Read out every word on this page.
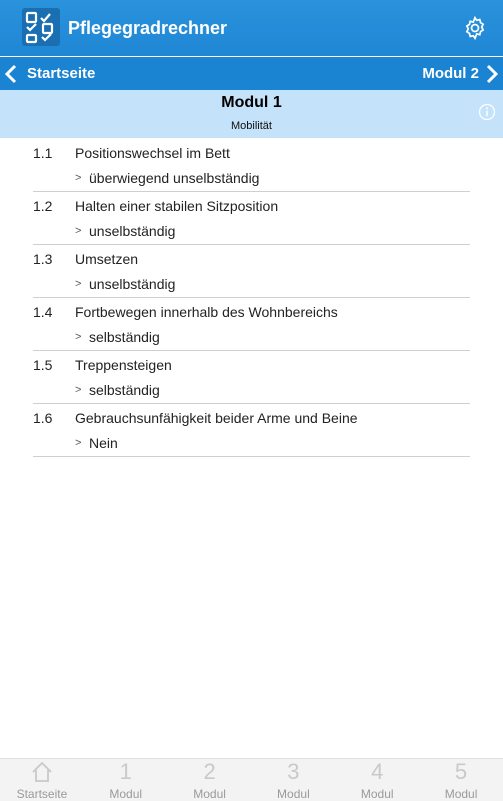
Pflegegradrechner
Startseite	Modul 2
Modul 1
Mobilität
1.1 Positionswechsel im Bett
> überwiegend unselbständig
1.2 Halten einer stabilen Sitzposition
> unselbständig
1.3 Umsetzen
> unselbständig
1.4 Fortbewegen innerhalb des Wohnbereichs
> selbständig
1.5 Treppensteigen
> selbständig
1.6 Gebrauchsunfähigkeit beider Arme und Beine
> Nein
Startseite
1
Modul
2
Modul
3
Modul
4
Modul
5
Modul
